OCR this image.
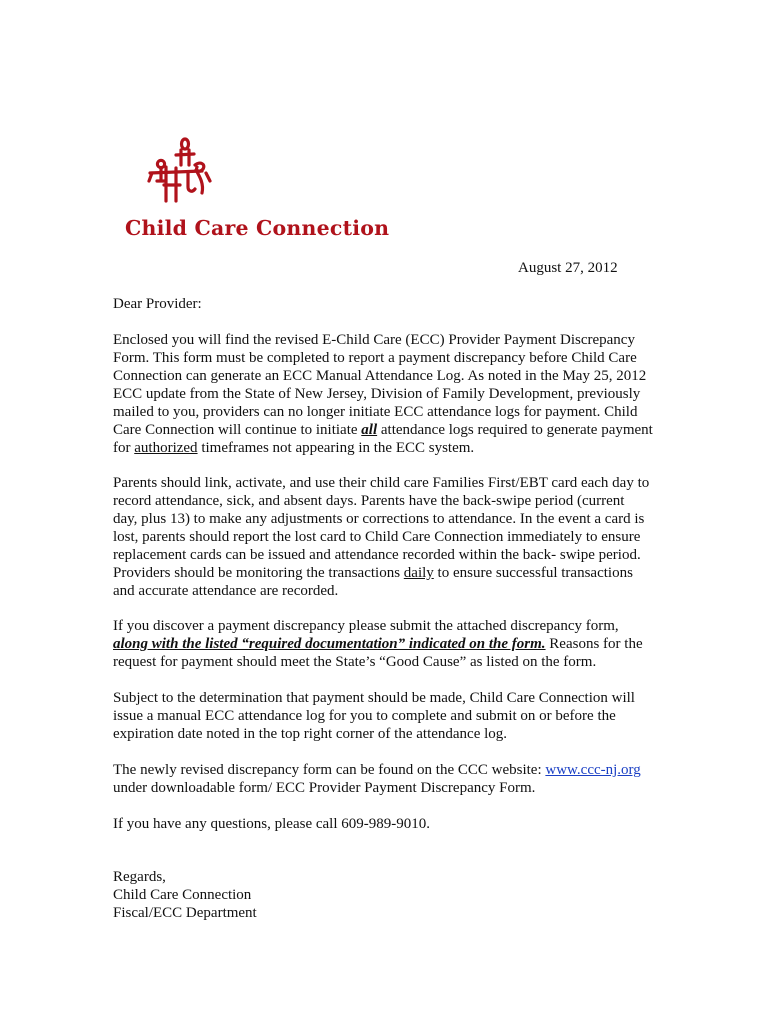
Child Care Connection
August 27, 2012
Dear Provider:
Enclosed you will find the revised E-Child Care (ECC) Provider Payment Discrepancy
Form. This form must be completed to report a payment discrepancy before Child Care
Connection can generate an ECC Manual Attendance Log. As noted in the May 25, 2012
ECC update from the State of New Jersey, Division of Family Development, previously
mailed to you, providers can no longer initiate ECC attendance logs for payment. Child
Care Connection will continue to initiate all attendance logs required to generate payment
for authorized timeframes not appearing in the ECC system.
Parents should link, activate, and use their child care Families First/EBT card each day to
record attendance, sick, and absent days. Parents have the back-swipe period (current
day, plus 13) to make any adjustments or corrections to attendance. In the event a card is
lost, parents should report the lost card to Child Care Connection immediately to ensure
replacement cards can be issued and attendance recorded within the back- swipe period.
Providers should be monitoring the transactions daily to ensure successful transactions
and accurate attendance are recorded.
If you discover a payment discrepancy please submit the attached discrepancy form,
along with the listed “required documentation” indicated on the form. Reasons for the
request for payment should meet the State’s “Good Cause” as listed on the form.
Subject to the determination that payment should be made, Child Care Connection will
issue a manual ECC attendance log for you to complete and submit on or before the
expiration date noted in the top right corner of the attendance log.
The newly revised discrepancy form can be found on the CCC website: www.ccc-nj.org
under downloadable form/ ECC Provider Payment Discrepancy Form.
If you have any questions, please call 609-989-9010.
Regards,
Child Care Connection
Fiscal/ECC Department
